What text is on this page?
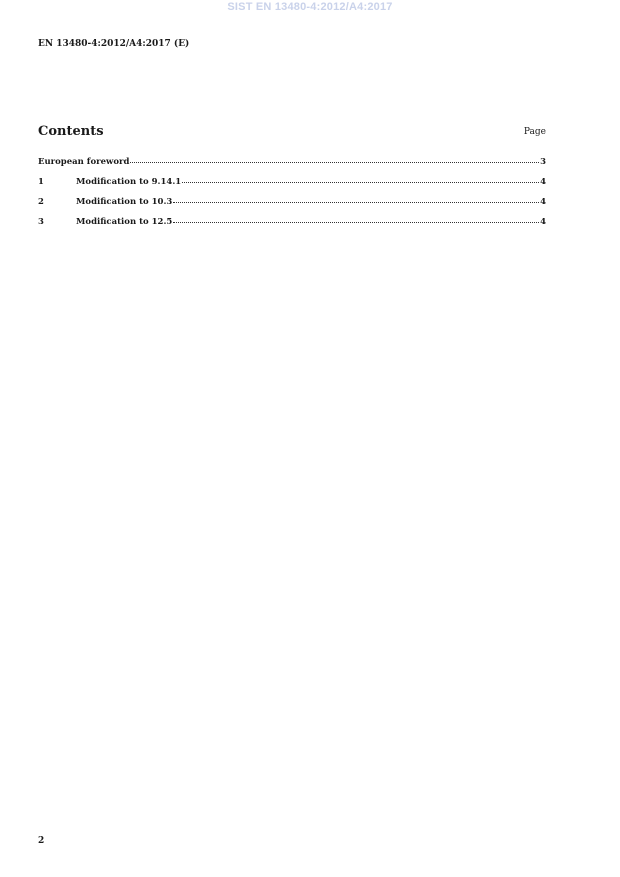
SIST EN 13480-4:2012/A4:2017
EN 13480-4:2012/A4:2017 (E)
Contents	Page
European foreword	3
1	Modification to 9.14.1	4
2	Modification to 10.3	4
3	Modification to 12.5	4
2
